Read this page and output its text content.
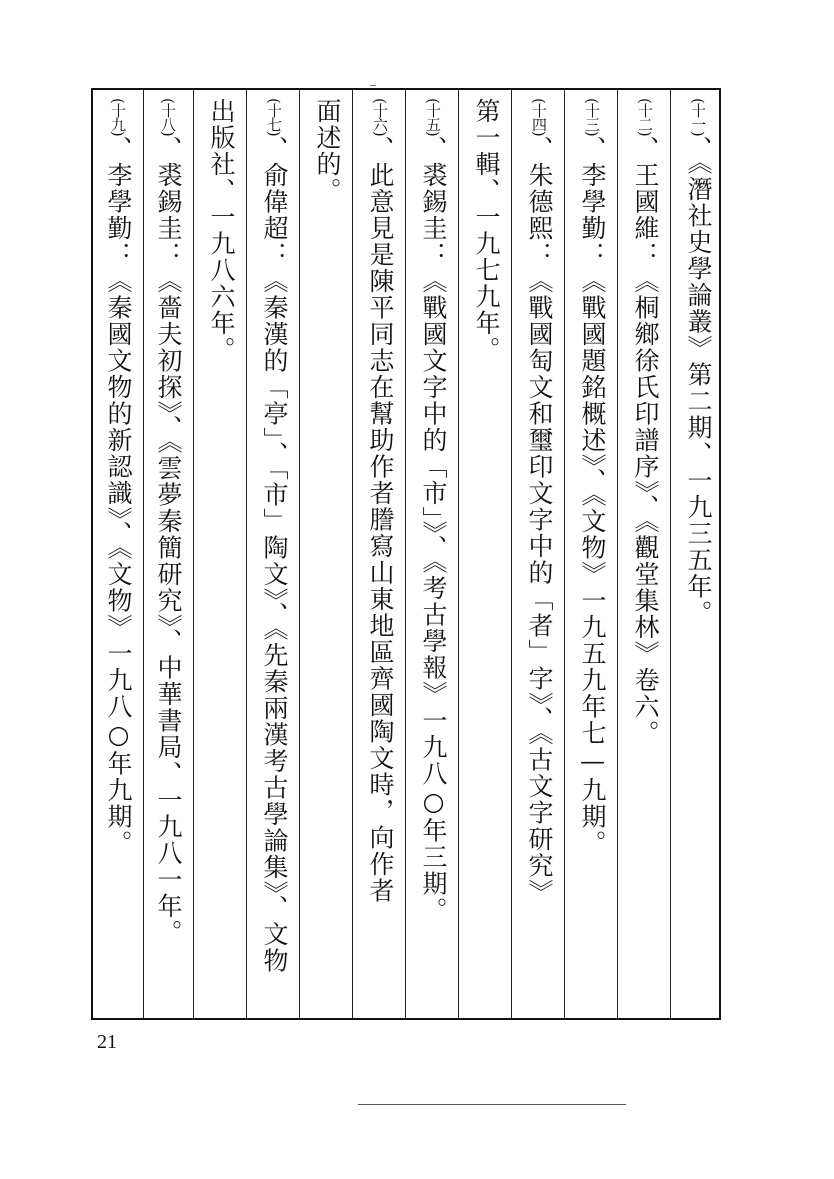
(十一)、《潛社史學論叢》第二期、一九三五年。
(十二)、王國維：《桐鄉徐氏印譜序》、《觀堂集林》卷六。
(十三)、李學勤：《戰國題銘概述》、《文物》一九五九年七—九期。
(十四)、朱德熙：《戰國匋文和璽印文字中的「者」字》、《古文字研究》
第一輯、一九七九年。
(十五)、裘錫圭：《戰國文字中的「市」》、《考古學報》一九八○年三期。
(十六)、此意見是陳平同志在幫助作者謄寫山東地區齊國陶文時，向作者
面述的。
(十七)、俞偉超：《秦漢的「亭」、「市」陶文》、《先秦兩漢考古學論集》、文物
出版社、一九八六年。
(十八)、裘錫圭：《嗇夫初探》、《雲夢秦簡研究》、中華書局、一九八一年。
(十九)、李學勤：《秦國文物的新認識》、《文物》一九八○年九期。
21
